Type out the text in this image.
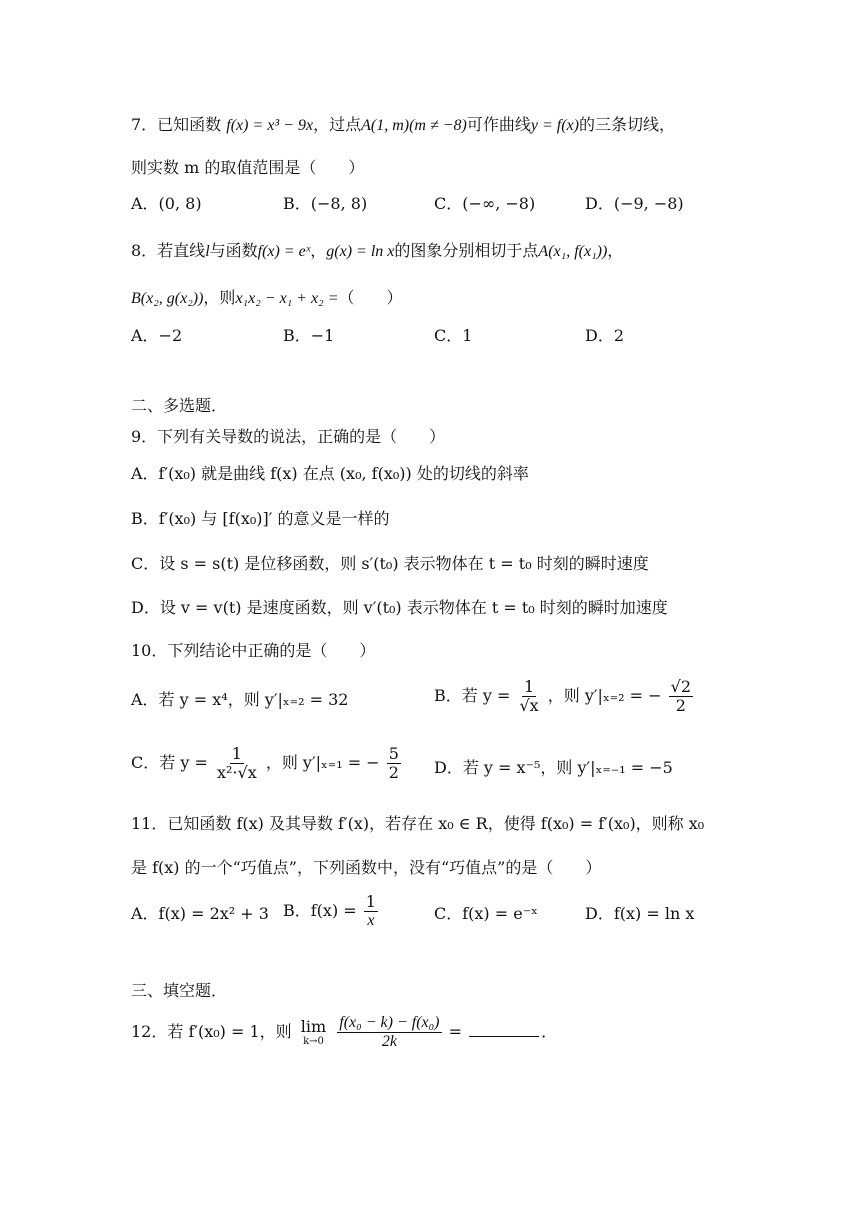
7．已知函数 f(x) = x³ − 9x，过点A(1, m)(m ≠ −8)可作曲线y = f(x)的三条切线，
则实数 m 的取值范围是（　　）
A．(0, 8)	B．(−8, 8)	C．(−∞, −8)	D．(−9, −8)
8．若直线l与函数f(x) = eˣ，g(x) = ln x的图象分别相切于点A(x₁, f(x₁))，
B(x₂, g(x₂))，则x₁x₂ − x₁ + x₂ =（　　）
A．−2	B．−1	C．1	D．2
二、多选题．
9．下列有关导数的说法，正确的是（　　）
A．f′(x₀) 就是曲线 f(x) 在点 (x₀, f(x₀)) 处的切线的斜率
B．f′(x₀) 与 [f(x₀)]′ 的意义是一样的
C．设 s = s(t) 是位移函数，则 s′(t₀) 表示物体在 t = t₀ 时刻的瞬时速度
D．设 v = v(t) 是速度函数，则 v′(t₀) 表示物体在 t = t₀ 时刻的瞬时加速度
10．下列结论中正确的是（　　）
A．若 y = x⁴，则 y′|ₓ₌₂ = 32	B．若 $y = \frac{1}{√x}$ ，则 y′|ₓ₌₂ = − $\frac{√2}{2}$
C．若 $y = \frac{1}{\text{x²·√x}}$ ，则 y′|ₓ₌₁ = − $\frac{5}{2}$ D．若 y = x⁻⁵，则 y′|ₓ₌₋₁ = −5
11．已知函数 f(x) 及其导数 f′(x)，若存在 x₀ ∈ R，使得 f(x₀) = f′(x₀)，则称 x₀
是 f(x) 的一个“巧值点”，下列函数中，没有“巧值点”的是（　　）
A．f(x) = 2x² + 3 B．$f(x) = \frac{1}{x}$	C．f(x) = e⁻ˣ	D．f(x) = ln x
三、填空题．
12．若 f′(x₀) = 1，则 lim
k→0
$\frac{\text{f(x₀ − k) − f(x₀)}}{2k}$ =	．
